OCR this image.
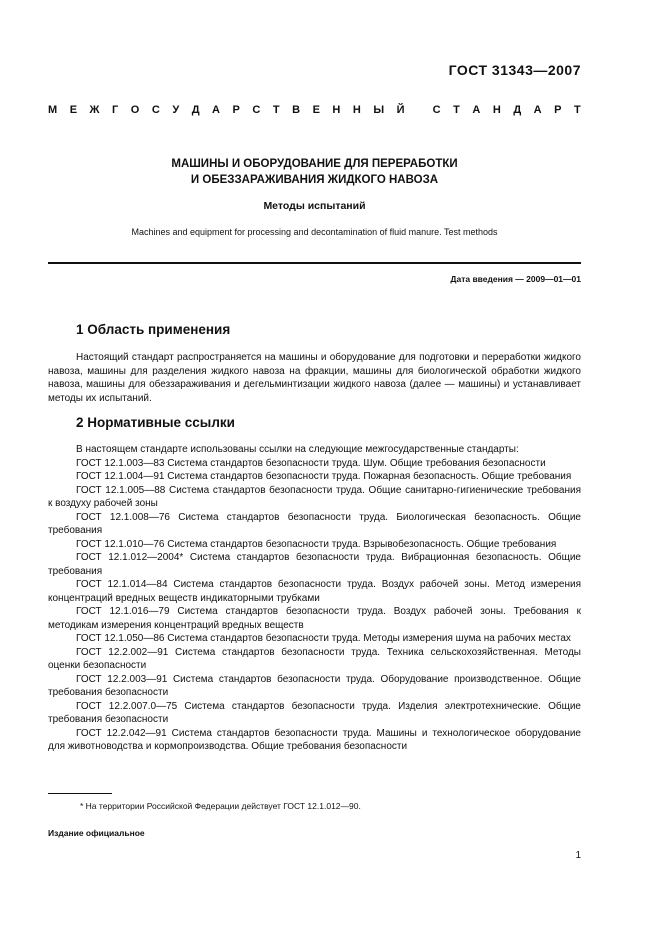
ГОСТ 31343—2007
М Е Ж Г О С У Д А Р С Т В Е Н Н Ы Й
	С Т А Н Д А Р Т
МАШИНЫ И ОБОРУДОВАНИЕ ДЛЯ ПЕРЕРАБОТКИ
И ОБЕЗЗАРАЖИВАНИЯ ЖИДКОГО НАВОЗА
Методы испытаний
Machines and equipment for processing and decontamination of fluid manure. Test methods
Дата введения — 2009—01—01
1 Область применения
Настоящий стандарт распространяется на машины и оборудование для подготовки и переработки жидкого навоза, машины для разделения жидкого навоза на фракции, машины для биологической обработки жидкого навоза, машины для обеззараживания и дегельминтизации жидкого навоза (далее — машины) и устанавливает методы их испытаний.
2 Нормативные ссылки
В настоящем стандарте использованы ссылки на следующие межгосударственные стандарты:
ГОСТ 12.1.003—83 Система стандартов безопасности труда. Шум. Общие требования безопасности
ГОСТ 12.1.004—91 Система стандартов безопасности труда. Пожарная безопасность. Общие требования
ГОСТ 12.1.005—88 Система стандартов безопасности труда. Общие санитарно-гигиенические требования к воздуху рабочей зоны
ГОСТ 12.1.008—76 Система стандартов безопасности труда. Биологическая безопасность. Общие требования
ГОСТ 12.1.010—76 Система стандартов безопасности труда. Взрывобезопасность. Общие требования
ГОСТ 12.1.012—2004* Система стандартов безопасности труда. Вибрационная безопасность. Общие требования
ГОСТ 12.1.014—84 Система стандартов безопасности труда. Воздух рабочей зоны. Метод измерения концентраций вредных веществ индикаторными трубками
ГОСТ 12.1.016—79 Система стандартов безопасности труда. Воздух рабочей зоны. Требования к методикам измерения концентраций вредных веществ
ГОСТ 12.1.050—86 Система стандартов безопасности труда. Методы измерения шума на рабочих местах
ГОСТ 12.2.002—91 Система стандартов безопасности труда. Техника сельскохозяйственная. Методы оценки безопасности
ГОСТ 12.2.003—91 Система стандартов безопасности труда. Оборудование производственное. Общие требования безопасности
ГОСТ 12.2.007.0—75 Система стандартов безопасности труда. Изделия электротехнические. Общие требования безопасности
ГОСТ 12.2.042—91 Система стандартов безопасности труда. Машины и технологическое оборудование для животноводства и кормопроизводства. Общие требования безопасности
* На территории Российской Федерации действует ГОСТ 12.1.012—90.
Издание официальное
1
